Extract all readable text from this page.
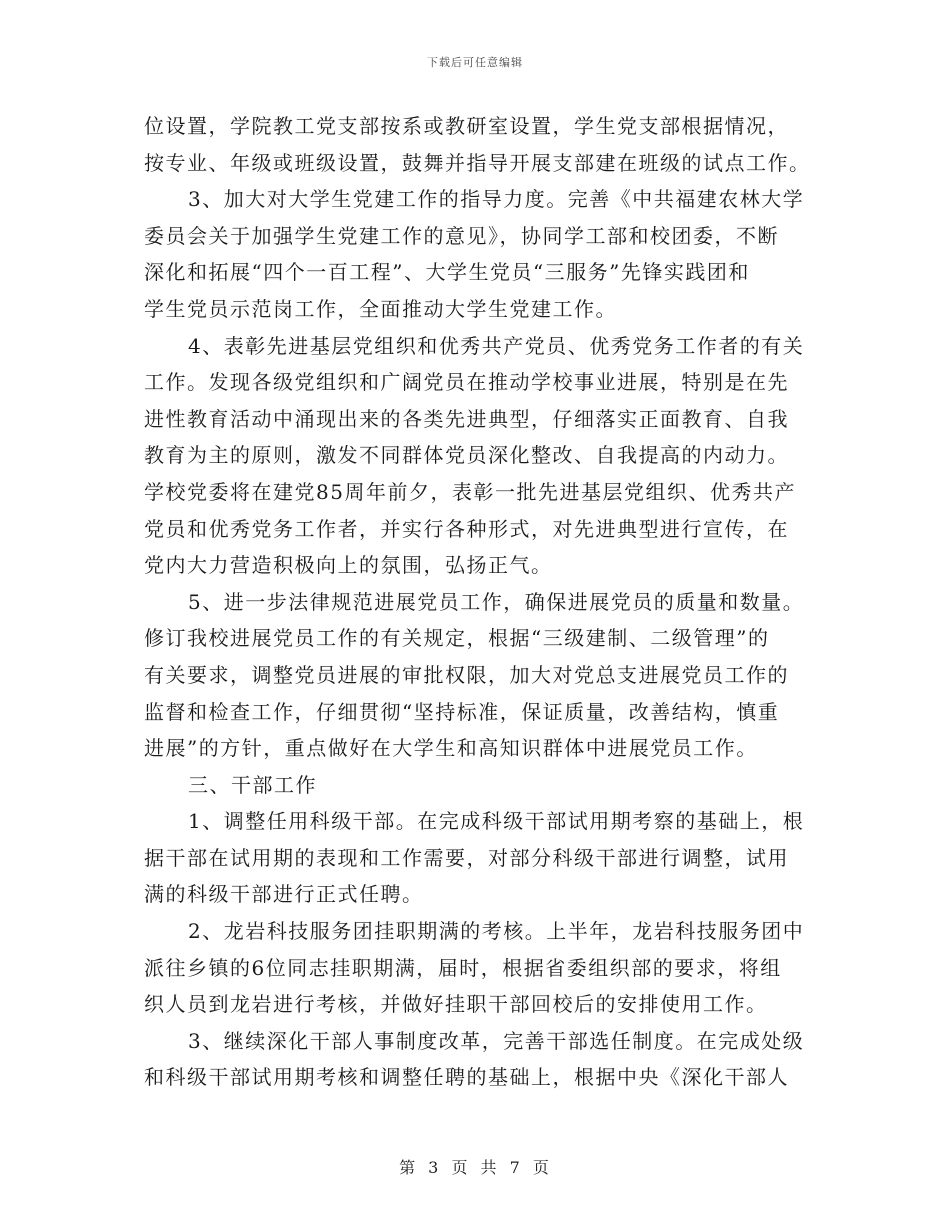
下载后可任意编辑
位设置，学院教工党支部按系或教研室设置，学生党支部根据情况，
按专业、年级或班级设置，鼓舞并指导开展支部建在班级的试点工作。
3、加大对大学生党建工作的指导力度。完善《中共福建农林大学
委员会关于加强学生党建工作的意见》，协同学工部和校团委，不断
深化和拓展“四个一百工程”、大学生党员“三服务”先锋实践团和
学生党员示范岗工作，全面推动大学生党建工作。
4、表彰先进基层党组织和优秀共产党员、优秀党务工作者的有关
工作。发现各级党组织和广阔党员在推动学校事业进展，特别是在先
进性教育活动中涌现出来的各类先进典型，仔细落实正面教育、自我
教育为主的原则，激发不同群体党员深化整改、自我提高的内动力。
学校党委将在建党85周年前夕，表彰一批先进基层党组织、优秀共产
党员和优秀党务工作者，并实行各种形式，对先进典型进行宣传，在
党内大力营造积极向上的氛围，弘扬正气。
5、进一步法律规范进展党员工作，确保进展党员的质量和数量。
修订我校进展党员工作的有关规定，根据“三级建制、二级管理”的
有关要求，调整党员进展的审批权限，加大对党总支进展党员工作的
监督和检查工作，仔细贯彻“坚持标准，保证质量，改善结构，慎重
进展”的方针，重点做好在大学生和高知识群体中进展党员工作。
三、干部工作
1、调整任用科级干部。在完成科级干部试用期考察的基础上，根
据干部在试用期的表现和工作需要，对部分科级干部进行调整，试用
满的科级干部进行正式任聘。
2、龙岩科技服务团挂职期满的考核。上半年，龙岩科技服务团中
派往乡镇的6位同志挂职期满，届时，根据省委组织部的要求，将组
织人员到龙岩进行考核，并做好挂职干部回校后的安排使用工作。
3、继续深化干部人事制度改革，完善干部选任制度。在完成处级
和科级干部试用期考核和调整任聘的基础上，根据中央《深化干部人
第 3 页 共 7 页
